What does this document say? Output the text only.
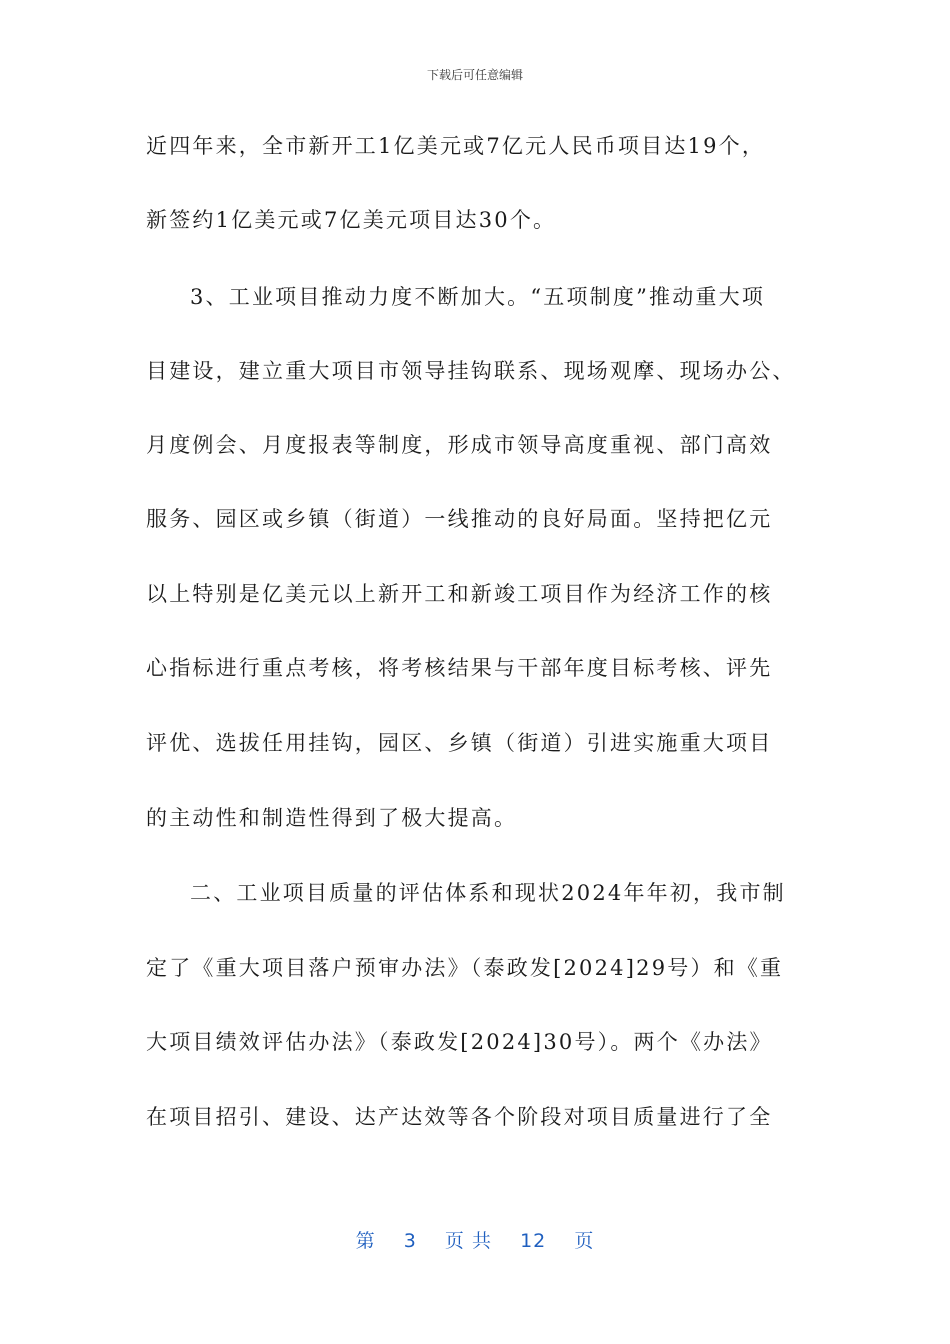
下载后可任意编辑
近四年来，全市新开工1亿美元或7亿元人民币项目达19个，
新签约1亿美元或7亿美元项目达30个。
3、工业项目推动力度不断加大。“五项制度”推动重大项
目建设，建立重大项目市领导挂钩联系、现场观摩、现场办公、
月度例会、月度报表等制度，形成市领导高度重视、部门高效
服务、园区或乡镇（街道）一线推动的良好局面。坚持把亿元
以上特别是亿美元以上新开工和新竣工项目作为经济工作的核
心指标进行重点考核，将考核结果与干部年度目标考核、评先
评优、选拔任用挂钩，园区、乡镇（街道）引进实施重大项目
的主动性和制造性得到了极大提高。
二、工业项目质量的评估体系和现状2024年年初，我市制
定了《重大项目落户预审办法》（泰政发[2024]29号）和《重
大项目绩效评估办法》（泰政发[2024]30号）。两个《办法》
在项目招引、建设、达产达效等各个阶段对项目质量进行了全
第 3 页 共 12 页
